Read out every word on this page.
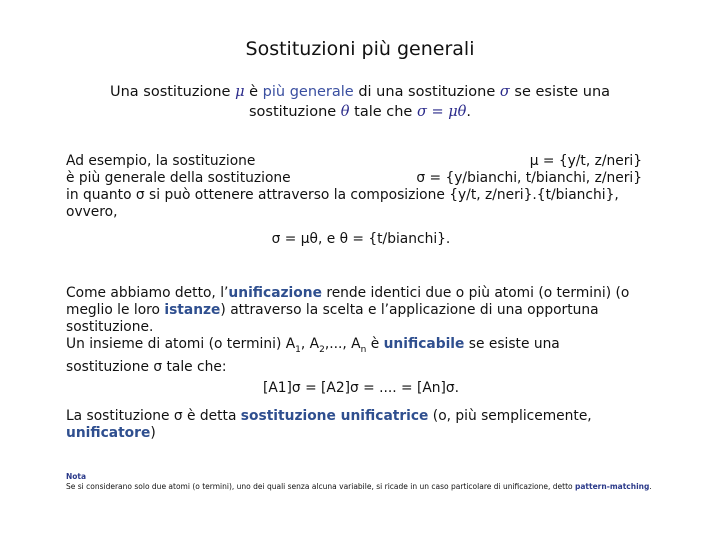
Sostituzioni più generali
Una sostituzione μ è più generale di una sostituzione σ se esiste una
sostituzione θ tale che σ = μθ.
Ad esempio, la sostituzione	μ = {y/t, z/neri}
è più generale della sostituzione	σ = {y/bianchi, t/bianchi, z/neri}
in quanto σ si può ottenere attraverso la composizione {y/t, z/neri}.{t/bianchi},
ovvero,
σ = μθ, e θ = {t/bianchi}.
Come abbiamo detto, l’unificazione rende identici due o più atomi (o termini) (o
meglio le loro istanze) attraverso la scelta e l’applicazione di una opportuna
sostituzione.
Un insieme di atomi (o termini) $A_1$, $A_2$,..., $A_n$ è unificabile se esiste una
sostituzione σ tale che:
[A1]σ = [A2]σ = .... = [An]σ.
La sostituzione σ è detta sostituzione unificatrice (o, più semplicemente,
unificatore)
Nota
Se si considerano solo due atomi (o termini), uno dei quali senza alcuna variabile, si ricade in un caso particolare di unificazione, detto pattern-matching.
